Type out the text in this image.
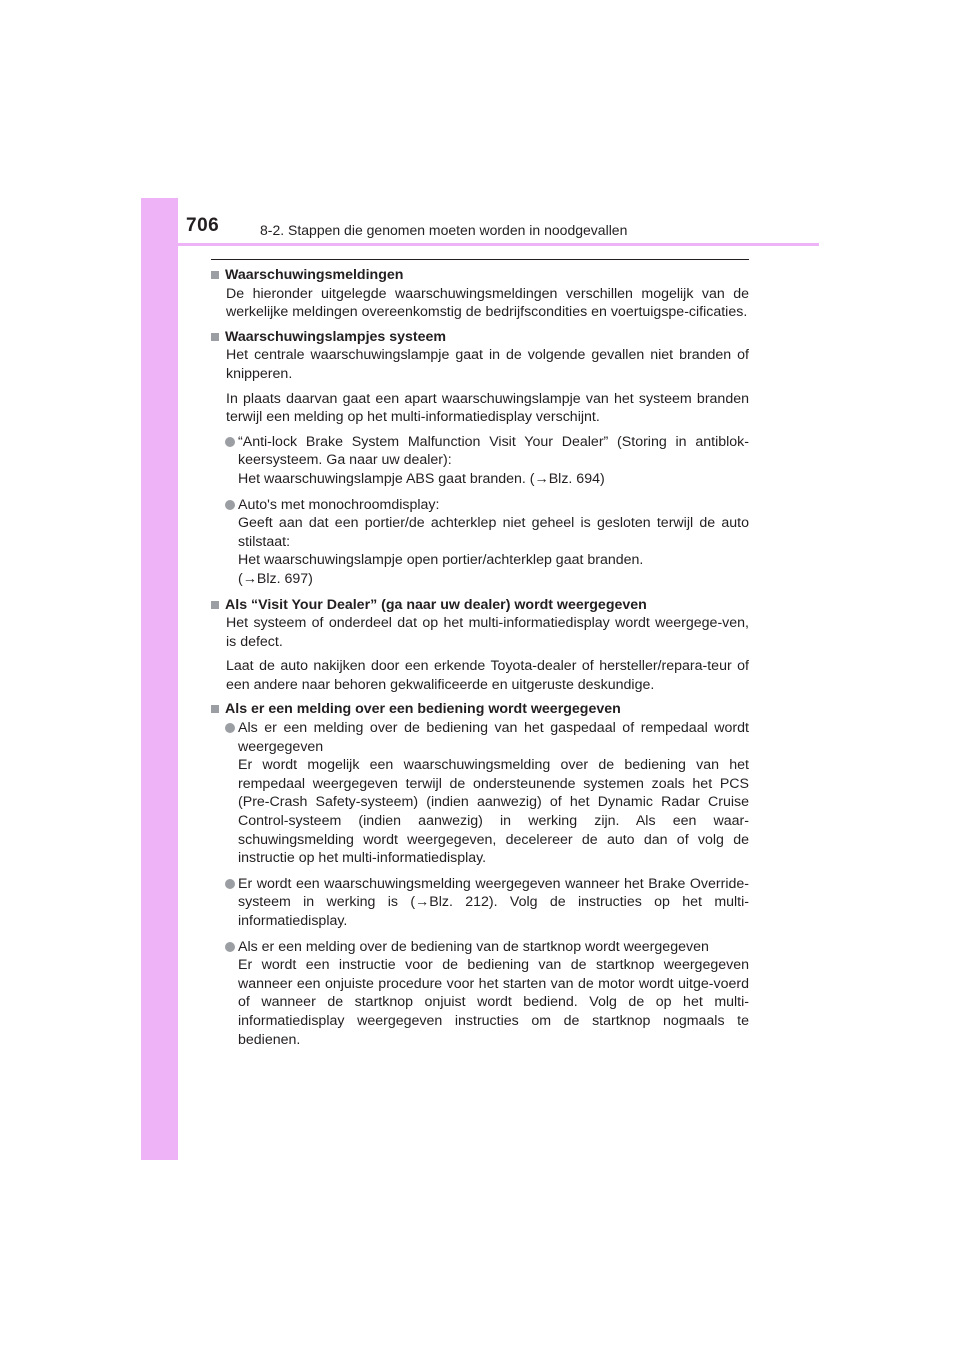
706	8-2. Stappen die genomen moeten worden in noodgevallen

Waarschuwingsmeldingen

De hieronder uitgelegde waarschuwingsmeldingen verschillen mogelijk van de werkelijke meldingen overeenkomstig de bedrijfscondities en voertuigspe-cificaties.

Waarschuwingslampjes systeem

Het centrale waarschuwingslampje gaat in de volgende gevallen niet branden of knipperen.

In plaats daarvan gaat een apart waarschuwingslampje van het systeem branden terwijl een melding op het multi-informatiedisplay verschijnt.

“Anti-lock Brake System Malfunction Visit Your Dealer” (Storing in antiblok-keersysteem. Ga naar uw dealer):

Het waarschuwingslampje ABS gaat branden. (→Blz. 694)

Auto's met monochroomdisplay:

Geeft aan dat een portier/de achterklep niet geheel is gesloten terwijl de auto stilstaat:

Het waarschuwingslampje open portier/achterklep gaat branden.

(→Blz. 697)

Als “Visit Your Dealer” (ga naar uw dealer) wordt weergegeven

Het systeem of onderdeel dat op het multi-informatiedisplay wordt weergege-ven, is defect.

Laat de auto nakijken door een erkende Toyota-dealer of hersteller/repara-teur of een andere naar behoren gekwalificeerde en uitgeruste deskundige.

Als er een melding over een bediening wordt weergegeven

Als er een melding over de bediening van het gaspedaal of rempedaal wordt weergegeven

Er wordt mogelijk een waarschuwingsmelding over de bediening van het rempedaal weergegeven terwijl de ondersteunende systemen zoals het PCS (Pre-Crash Safety-systeem) (indien aanwezig) of het Dynamic Radar Cruise Control-systeem (indien aanwezig) in werking zijn. Als een waar-schuwingsmelding wordt weergegeven, decelereer de auto dan of volg de instructie op het multi-informatiedisplay.

Er wordt een waarschuwingsmelding weergegeven wanneer het Brake Override-systeem in werking is (→Blz. 212). Volg de instructies op het multi-informatiedisplay.

Als er een melding over de bediening van de startknop wordt weergegeven

Er wordt een instructie voor de bediening van de startknop weergegeven wanneer een onjuiste procedure voor het starten van de motor wordt uitge-voerd of wanneer de startknop onjuist wordt bediend. Volg de op het multi-informatiedisplay weergegeven instructies om de startknop nogmaals te bedienen.
